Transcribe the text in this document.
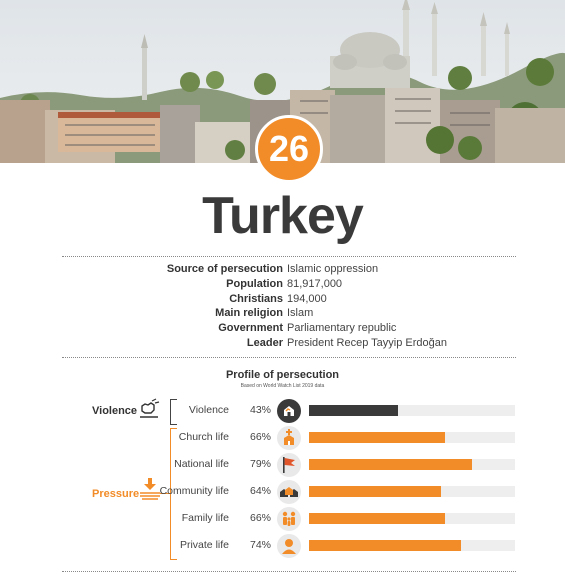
26
Turkey
Source of persecution Islamic oppression
Population 81,917,000
Christians 194,000
Main religion Islam
Government Parliamentary republic
Leader President Recep Tayyip Erdoğan
Profile of persecution
Based on World Watch List 2019 data
Violence
Pressure
Violence 43%
Church life 66%
National life 79%
Community life 64%
Family life 66%
Private life 74%
